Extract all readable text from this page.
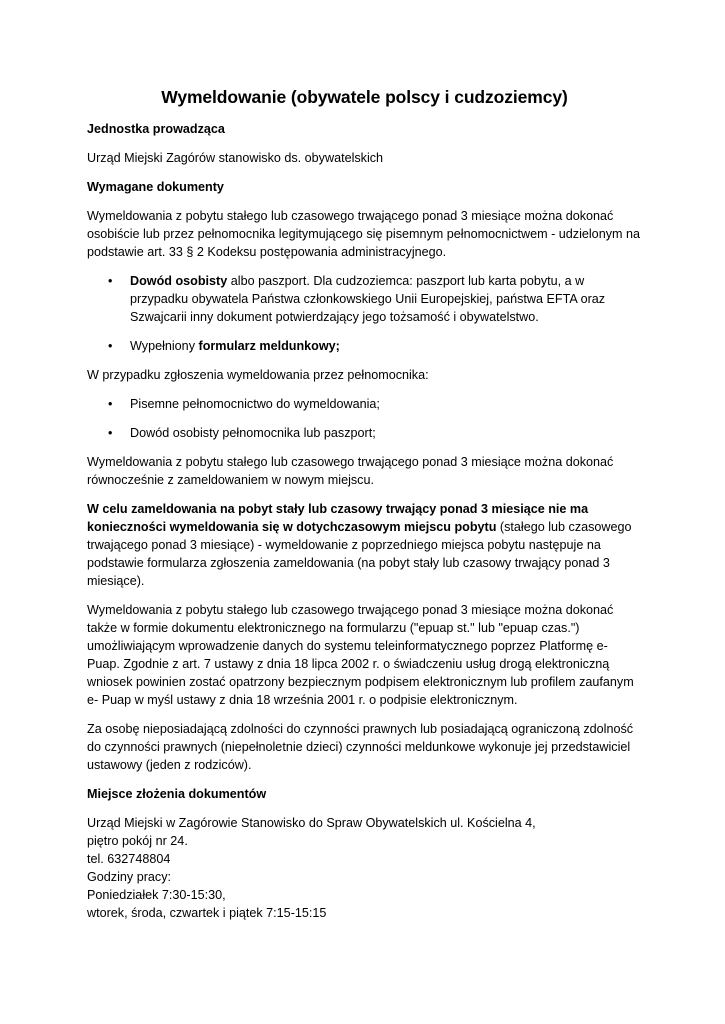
Wymeldowanie (obywatele polscy i cudzoziemcy)

Jednostka prowadząca

Urząd Miejski Zagórów stanowisko ds. obywatelskich

Wymagane dokumenty

Wymeldowania z pobytu stałego lub czasowego trwającego ponad 3 miesiące można dokonać osobiście lub przez pełnomocnika legitymującego się pisemnym pełnomocnictwem - udzielonym na podstawie art. 33 § 2 Kodeksu postępowania administracyjnego.

• Dowód osobisty albo paszport. Dla cudzoziemca: paszport lub karta pobytu, a w przypadku obywatela Państwa członkowskiego Unii Europejskiej, państwa EFTA oraz Szwajcarii inny dokument potwierdzający jego tożsamość i obywatelstwo.
• Wypełniony formularz meldunkowy;

W przypadku zgłoszenia wymeldowania przez pełnomocnika:

• Pisemne pełnomocnictwo do wymeldowania;
• Dowód osobisty pełnomocnika lub paszport;

Wymeldowania z pobytu stałego lub czasowego trwającego ponad 3 miesiące można dokonać równocześnie z zameldowaniem w nowym miejscu.

W celu zameldowania na pobyt stały lub czasowy trwający ponad 3 miesiące nie ma konieczności wymeldowania się w dotychczasowym miejscu pobytu (stałego lub czasowego trwającego ponad 3 miesiące) - wymeldowanie z poprzedniego miejsca pobytu następuje na podstawie formularza zgłoszenia zameldowania (na pobyt stały lub czasowy trwający ponad 3 miesiące).

Wymeldowania z pobytu stałego lub czasowego trwającego ponad 3 miesiące można dokonać także w formie dokumentu elektronicznego na formularzu ("epuap st." lub "epuap czas.") umożliwiającym wprowadzenie danych do systemu teleinformatycznego poprzez Platformę e- Puap. Zgodnie z art. 7 ustawy z dnia 18 lipca 2002 r. o świadczeniu usług drogą elektroniczną wniosek powinien zostać opatrzony bezpiecznym podpisem elektronicznym lub profilem zaufanym e- Puap w myśl ustawy z dnia 18 września 2001 r. o podpisie elektronicznym.

Za osobę nieposiadającą zdolności do czynności prawnych lub posiadającą ograniczoną zdolność do czynności prawnych (niepełnoletnie dzieci) czynności meldunkowe wykonuje jej przedstawiciel ustawowy (jeden z rodziców).

Miejsce złożenia dokumentów

Urząd Miejski w Zagórowie Stanowisko do Spraw Obywatelskich ul. Kościelna 4,
piętro pokój nr 24.
tel. 632748804
Godziny pracy:
Poniedziałek 7:30-15:30,
wtorek, środa, czwartek i piątek 7:15-15:15
